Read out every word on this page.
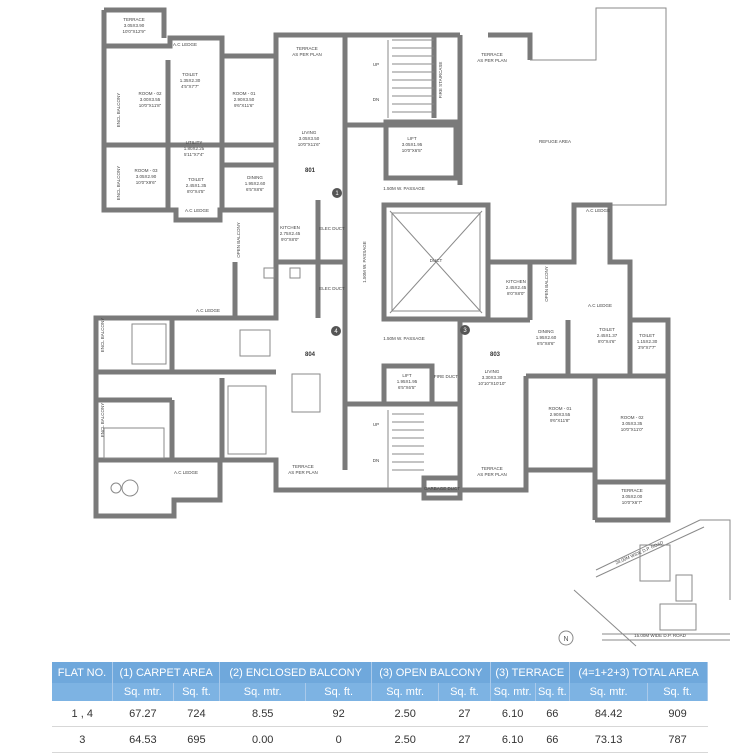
TERRACE
3.05X3.90
10'0"X12'9"
A.C LEDGE
TOILET
1.35X2.30
4'5"X7'7"
ROOM - 02
3.00X3.55
10'0"X11'8"
ROOM - 01
2.90X3.50
9'6"X11'6"
UTILITY
1.80X2.25
5'11"X7'4"
ENCL BALCONY
ENCL BALCONY	ROOM - 03
3.05X2.90
10'0"X9'6"
TOILET
2.45X1.35
8'0"X4'5"
DINING
1.95X2.60
6'5"X8'6"
LIVING
3.05X3.50
10'0"X11'6"
TERRACE
AS PER PLAN
A.C LEDGE
KITCHEN
2.75X2.45
9'0"X8'0"
OPEN BALCONY	ELEC DUCT
ELEC DUCT
FIRE STAIRCASE
LIFT
3.05X1.95
10'0"X6'5"
REFUGE AREA
DUCT
TERRACE
AS PER PLAN
A.C LEDGE
KITCHEN
2.45X2.45
8'0"X8'0"	OPEN BALCONY
A.C LEDGE
DINING
1.95X2.60
6'5"X8'6"
TOILET
2.45X1.37
8'0"X4'6"
TOILET
1.15X2.30
3'9"X7'7"
LIVING
3.30X3.30
10'10"X10'10"
ROOM - 01
2.90X3.55
9'6"X11'8"
ROOM - 02
3.05X3.35
10'0"X11'0"
TERRACE
3.05X2.00
10'0"X6'7"
TERRACE
AS PER PLAN
LIFT
1.95X1.95
6'5"X6'5"
FIRE DUCT
GARBAGE DUCT
TERRACE
AS PER PLAN
A.C LEDGE
A.C LEDGE
ENCL BALCONY
ENCL BALCONY
UP
DN
UP
DN
1.50M W. PASSAGE
1.50M W. PASSAGE
1.50M W. PASSAGE
801
804	803
1
4	3
24.00M WIDE D.P. ROAD
15.00M WIDE D.P. ROAD
N
FLAT NO.	(1) CARPET AREA		(2) ENCLOSED BALCONY		(3) OPEN BALCONY		(3) TERRACE		(4=1+2+3) TOTAL AREA	
	Sq. mtr.	Sq. ft.	Sq. mtr.	Sq. ft.	Sq. mtr.	Sq. ft.	Sq. mtr.	Sq. ft.	Sq. mtr.	Sq. ft.
1 , 4	67.27	724	8.55	92	2.50	27	6.10	66	84.42	909
3	64.53	695	0.00	0	2.50	27	6.10	66	73.13	787
